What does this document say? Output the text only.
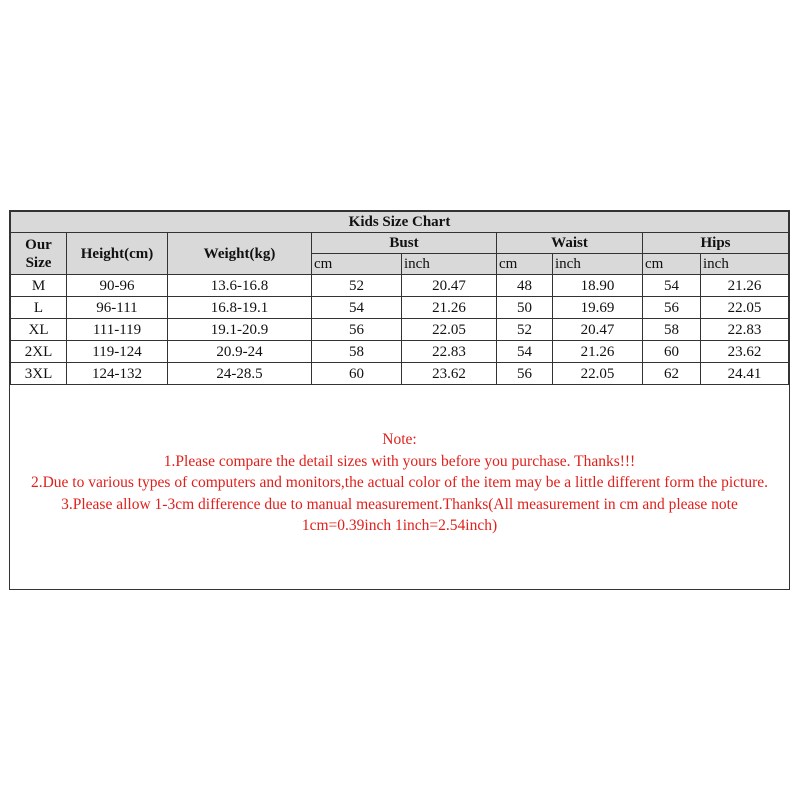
Kids Size Chart								
Our Size	Height(cm)	Weight(kg)	Bust		Waist		Hips	
			cm	inch	cm	inch	cm	inch
M	90-96	13.6-16.8	52	20.47	48	18.90	54	21.26
L	96-111	16.8-19.1	54	21.26	50	19.69	56	22.05
XL	111-119	19.1-20.9	56	22.05	52	20.47	58	22.83
2XL	119-124	20.9-24	58	22.83	54	21.26	60	23.62
3XL	124-132	24-28.5	60	23.62	56	22.05	62	24.41
Note:
1.Please compare the detail sizes with yours before you purchase. Thanks!!!
2.Due to various types of computers and monitors,the actual color of the item may be a little different form the picture.
3.Please allow 1-3cm difference due to manual measurement.Thanks(All measurement in cm and please note 1cm=0.39inch 1inch=2.54inch)
